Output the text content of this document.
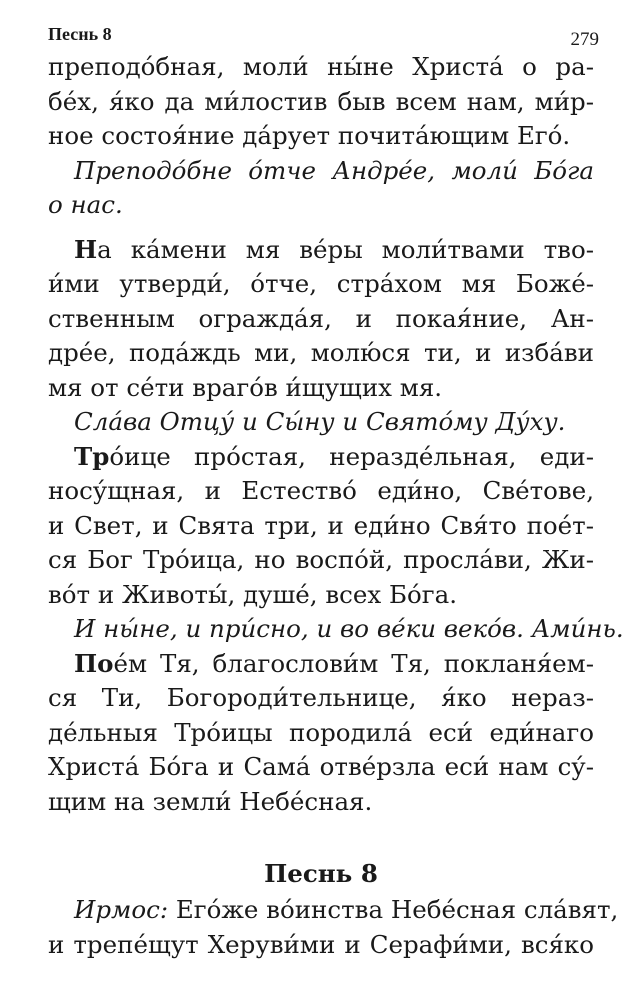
Песнь 8	279
преподо́бная, моли́ ны́не Христа́ о ра-
бе́х, я́ко да ми́лостив быв всем нам, ми́р-
ное состоя́ние да́рует почита́ющим Его́.
Преподо́бне о́тче Андре́е, моли́ Бо́га
о нас.
На ка́мени мя ве́ры моли́твами тво-
и́ми утверди́, о́тче, стра́хом мя Боже́-
ственным огражда́я, и покая́ние, Ан-
дре́е, пода́ждь ми, молю́ся ти, и изба́ви
мя от се́ти враго́в и́щущих мя.
Сла́ва Отцу́ и Сы́ну и Свято́му Ду́ху.
Тро́ице про́стая, неразде́льная, еди-
носу́щная, и Естество́ еди́но, Све́тове,
и Свет, и Свята три, и еди́но Свя́то пое́т-
ся Бог Тро́ица, но воспо́й, просла́ви, Жи-
во́т и Животы́, душе́, всех Бо́га.
И ны́не, и при́сно, и во ве́ки веко́в. Ами́нь.
Пое́м Тя, благослови́м Тя, покланя́ем-
ся Ти, Богороди́тельнице, я́ко нераз-
де́льныя Тро́ицы породила́ еси́ еди́наго
Христа́ Бо́га и Сама́ отве́рзла еси́ нам су́-
щим на земли́ Небе́сная.
Песнь 8
Ирмос: Его́же во́инства Небе́сная сла́вят,
и трепе́щут Херуви́ми и Серафи́ми, вся́ко
